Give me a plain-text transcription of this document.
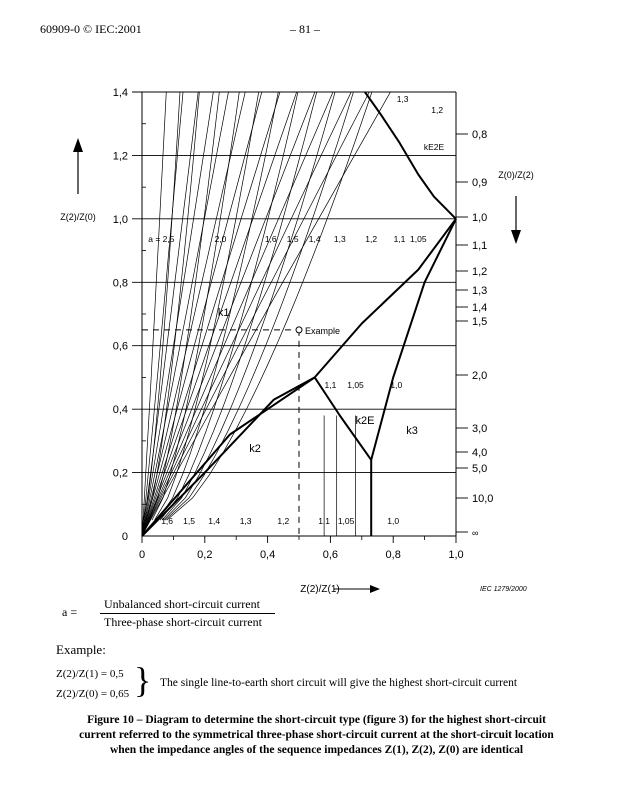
60909-0 © IEC:2001	– 81 –
0
0,2
0,4
0,6
0,8
1,0
1,2
1,4
0	0,2	0,4	0,6	0,8	1,0
0,8
0,9
1,0
1,1
1,2
1,3
1,4
1,5
2,0
3,0
4,0
5,0
10,0
∞
Example
a = 2,5	2,0	1,6 1,5 1,4 1,3 1,2 1,1 1,05
1,6 1,5 1,4 1,3	1,2	1,1 1,05	1,0
1,1 1,05	1,0
1,3
1,2
k1
k2
k2E
k3
kE2E
Z(2)/Z(1)
Z(2)/Z(0)
Z(0)/Z(2)
IEC 1279/2000
a =
Unbalanced short-circuit current
Three-phase short-circuit current
Example:
Z(2)/Z(1) = 0,5
Z(2)/Z(0) = 0,65 } The single line-to-earth short circuit will give the highest short-circuit current
Figure 10 – Diagram to determine the short-circuit type (figure 3) for the highest short-circuit
current referred to the symmetrical three-phase short-circuit current at the short-circuit location
when the impedance angles of the sequence impedances Z(1), Z(2), Z(0) are identical
